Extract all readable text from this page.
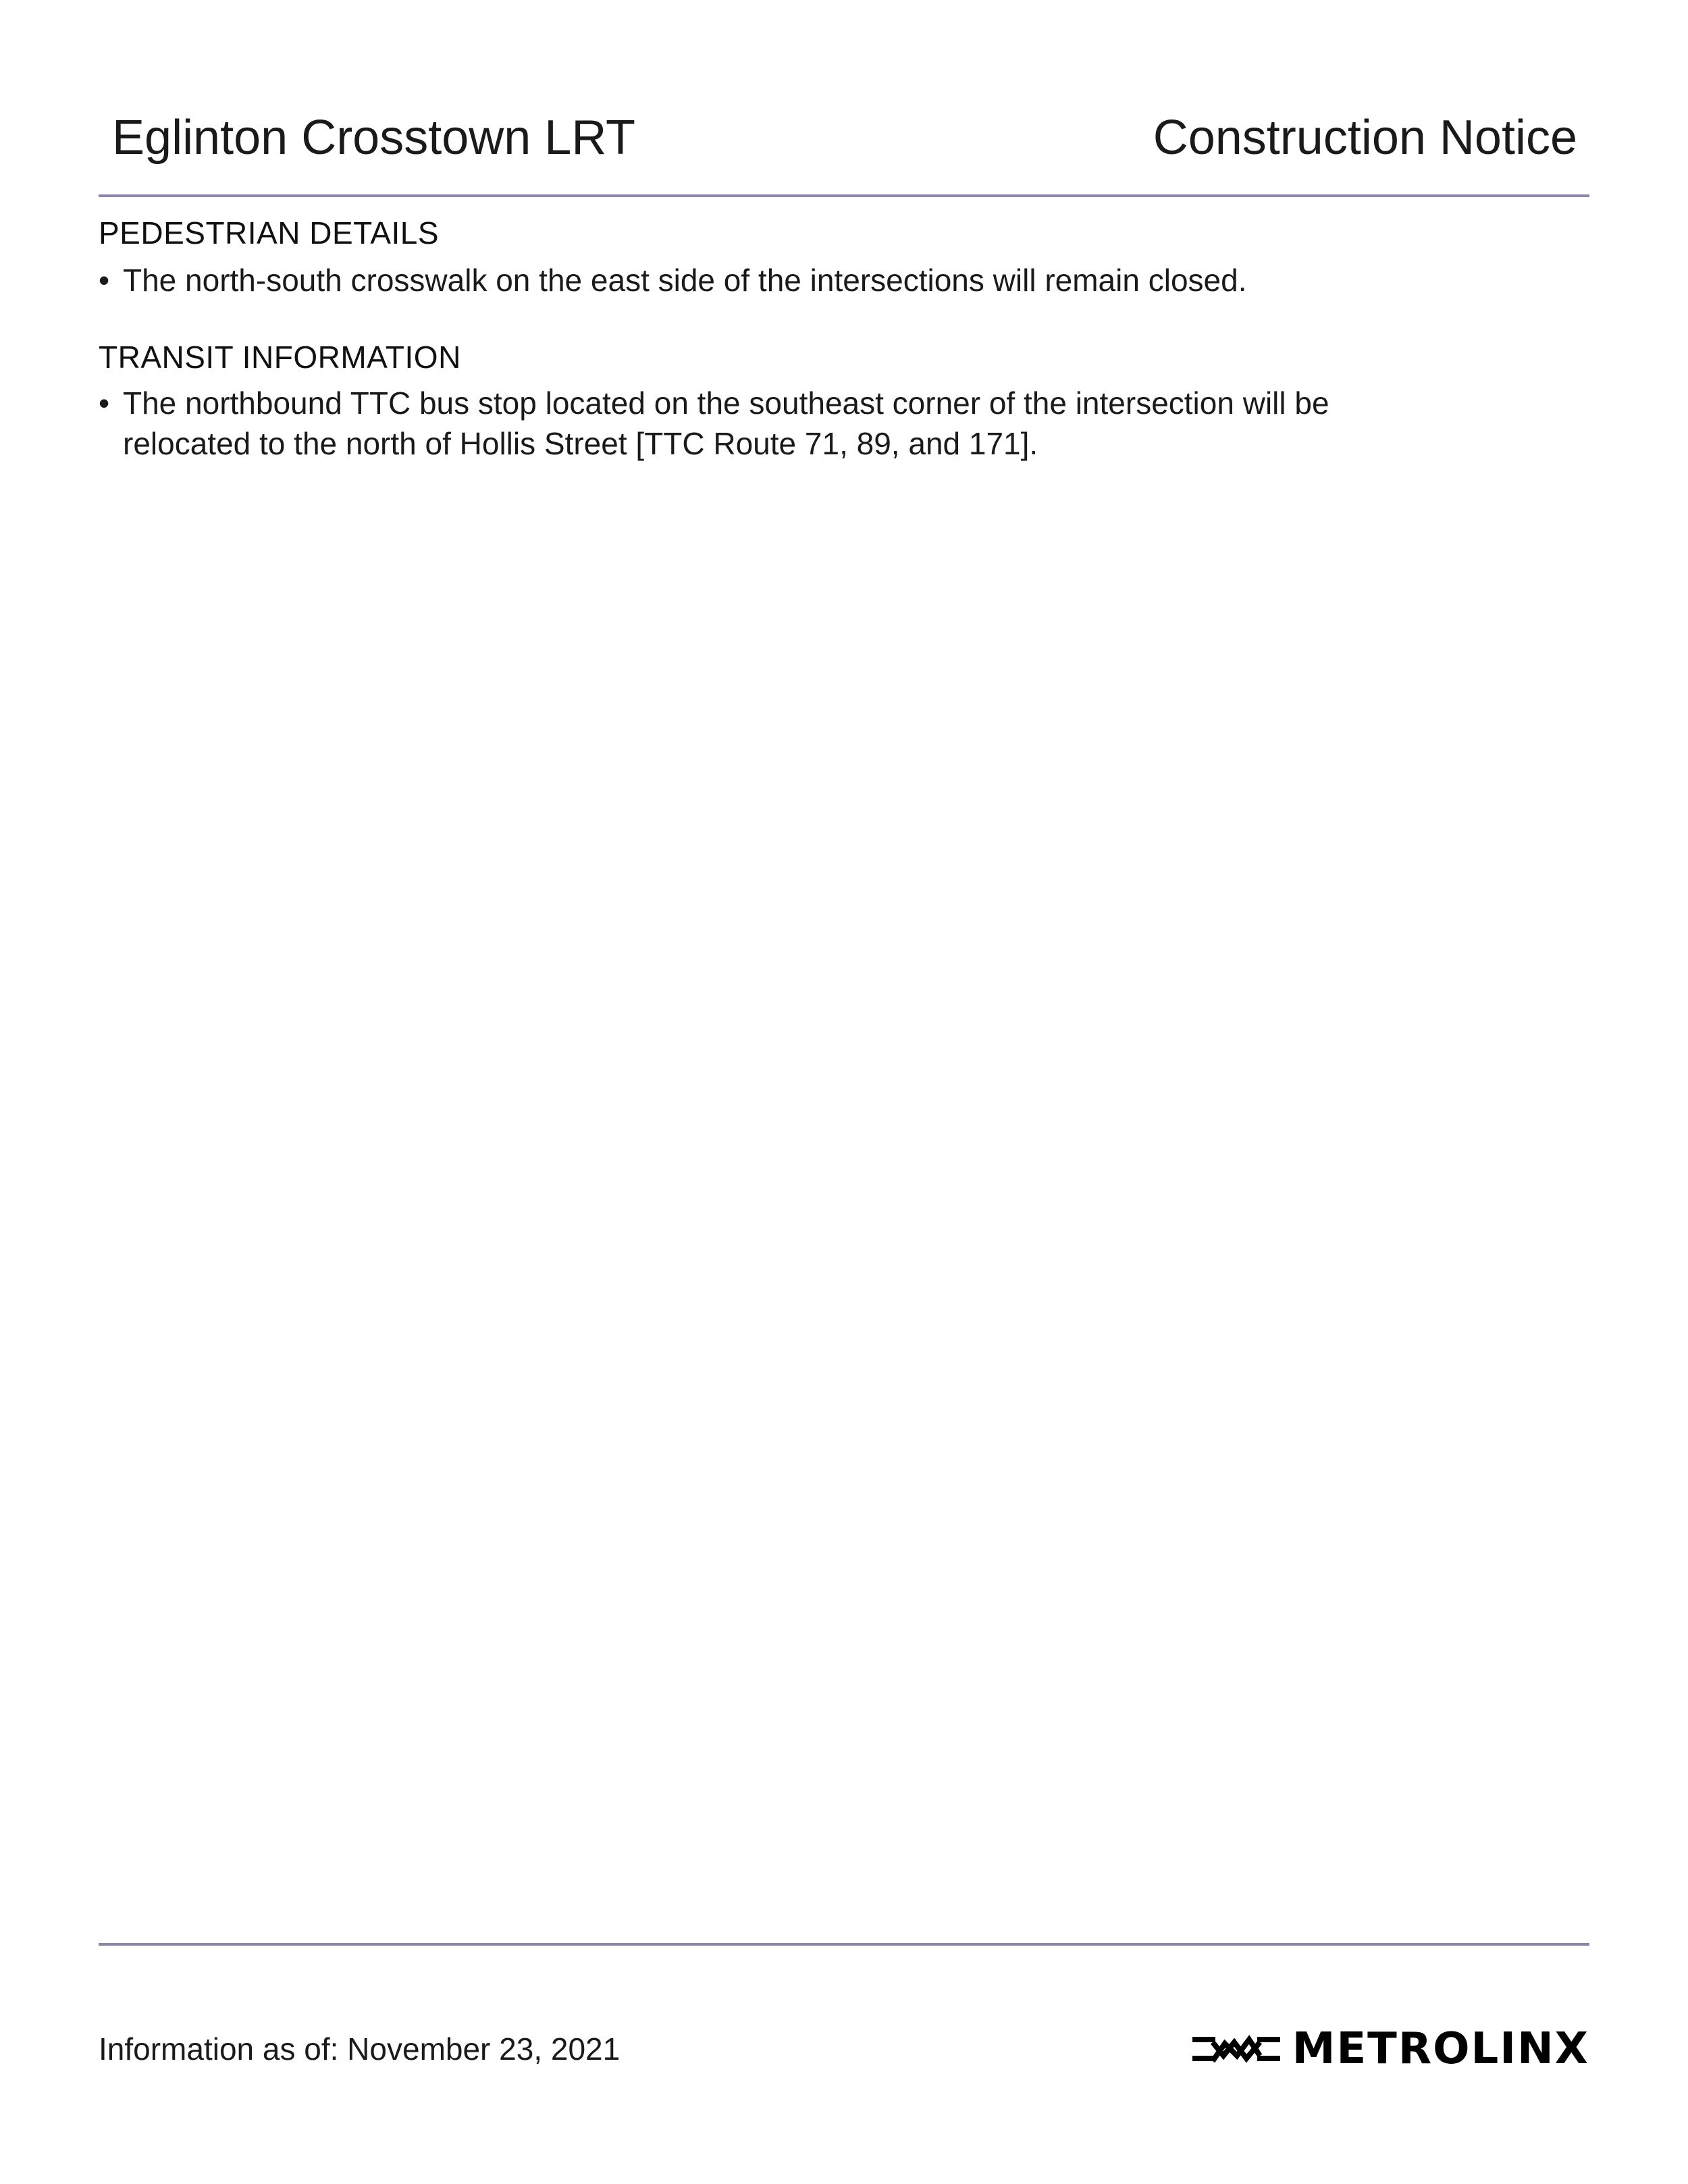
Eglinton Crosstown LRT	Construction Notice
PEDESTRIAN DETAILS
• The north-south crosswalk on the east side of the intersections will remain closed.
TRANSIT INFORMATION
• The northbound TTC bus stop located on the southeast corner of the intersection will be
relocated to the north of Hollis Street [TTC Route 71, 89, and 171].
Information as of: November 23, 2021	METROLINX
